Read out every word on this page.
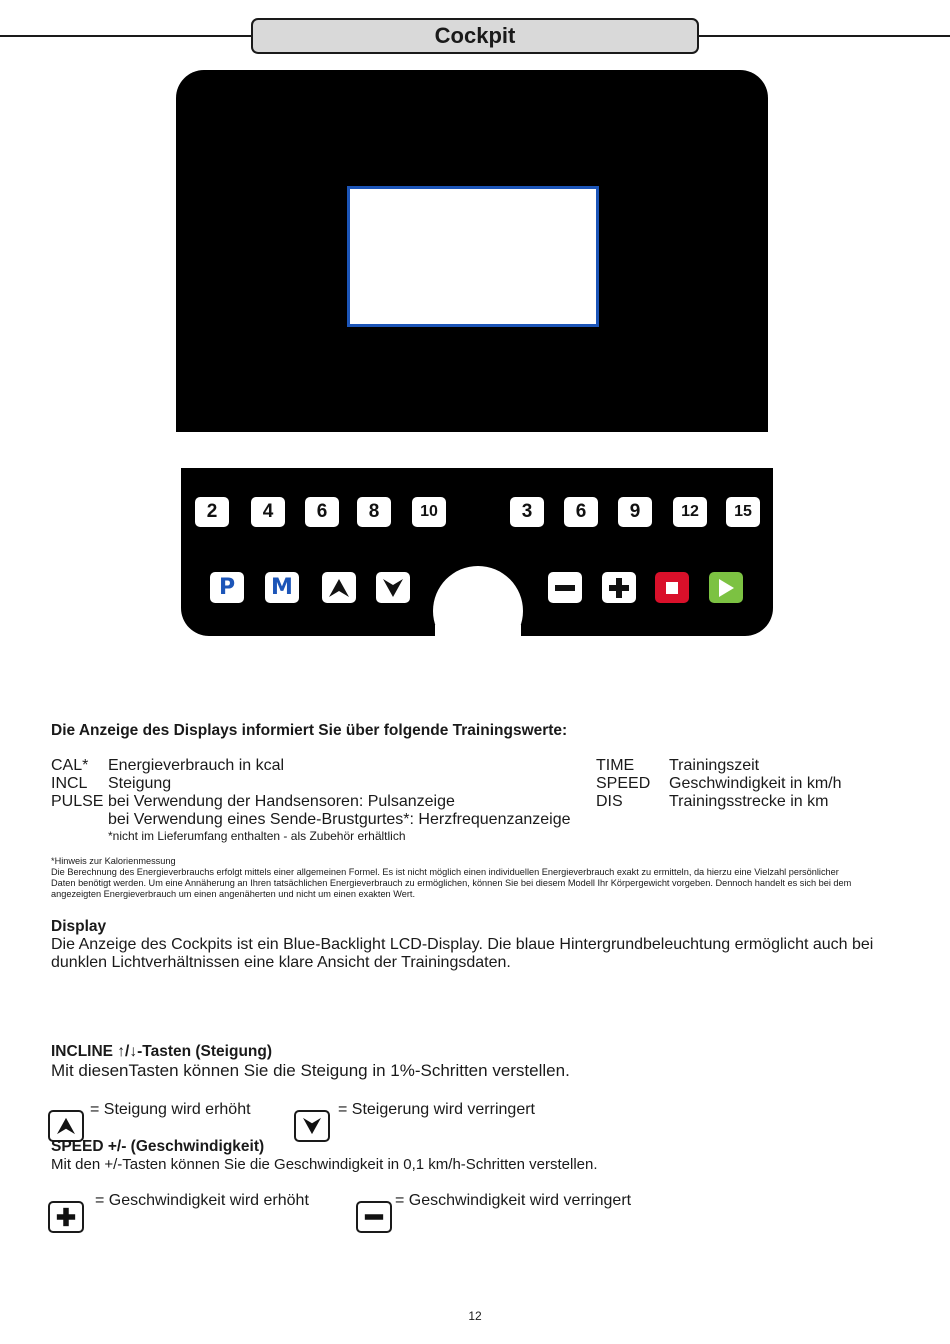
Cockpit
2	4	6	8	10	3	6	9	12	15
P M
Die Anzeige des Displays informiert Sie über folgende Trainingswerte:
CAL* Energieverbrauch in kcal
INCL Steigung
PULSE bei Verwendung der Handsensoren: Pulsanzeige
bei Verwendung eines Sende-Brustgurtes*: Herzfrequenzanzeige
*nicht im Lieferumfang enthalten - als Zubehör erhältlich
TIME Trainingszeit
SPEED Geschwindigkeit in km/h
DIS	Trainingsstrecke in km
*Hinweis zur Kalorienmessung
Die Berechnung des Energieverbrauchs erfolgt mittels einer allgemeinen Formel. Es ist nicht möglich einen individuellen Energieverbrauch exakt zu ermitteln, da hierzu eine Vielzahl persönlicher
Daten benötigt werden. Um eine Annäherung an Ihren tatsächlichen Energieverbrauch zu ermöglichen, können Sie bei diesem Modell Ihr Körpergewicht vorgeben. Dennoch handelt es sich bei dem
angezeigten Energieverbrauch um einen angenäherten und nicht um einen exakten Wert.
Display
Die Anzeige des Cockpits ist ein Blue-Backlight LCD-Display. Die blaue Hintergrundbeleuchtung ermöglicht auch bei
dunklen Lichtverhältnissen eine klare Ansicht der Trainingsdaten.
INCLINE ↑/↓-Tasten (Steigung)
Mit diesenTasten können Sie die Steigung in 1%-Schritten verstellen.
= Steigung wird erhöht	= Steigerung wird verringert
SPEED +/- (Geschwindigkeit)
Mit den +/-Tasten können Sie die Geschwindigkeit in 0,1 km/h-Schritten verstellen.
= Geschwindigkeit wird erhöht	= Geschwindigkeit wird verringert
12
